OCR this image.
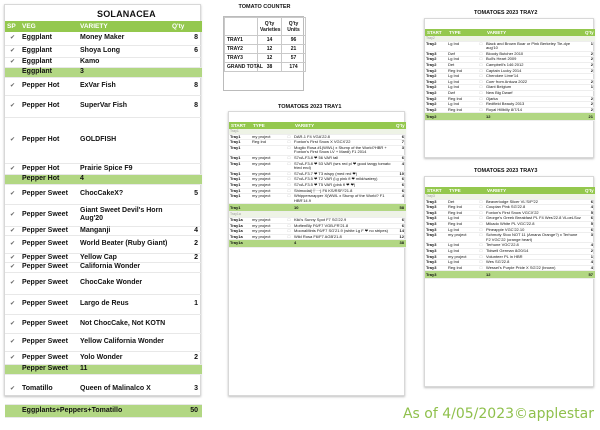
SOLANACEA
SP	VEG	VARIETY	Q'ty
✔	Eggplant	Money Maker	8
✔	Eggplant	Shoya Long	6
✔	Eggplant	Kamo	
	Eggplant	3	
✔	Pepper Hot	ExVar Fish	8
✔	Pepper Hot	SuperVar Fish	8
✔	Pepper Hot	GOLDFISH	
✔	Pepper Hot	Prairie Spice F9	
	Pepper Hot	4	
✔	Pepper Sweet	ChocCakeX?	5
✔	Pepper Sweet	Giant Sweet Devil's Horn Aug'20	
✔	Pepper Sweet	Manganji	4
✔	Pepper Sweet	World Beater (Ruby Giant)	2
✔	Pepper Sweet	Yellow Cap	2
✔	Pepper Sweet	California Wonder	
✔	Pepper Sweet	ChocCake Wonder	
✔	Pepper Sweet	Largo de Reus	1
✔	Pepper Sweet	Not ChocCake, Not KOTN	
✔	Pepper Sweet	Yellow California Wonder	
✔	Pepper Sweet	Yolo Wonder	2
	Pepper Sweet	11	
✔	Tomatillo	Queen of Malinalco X	3
	Eggplants+Peppers+Tomatillo		50
TOMATO COUNTER
	Q'ty Varieties	Q'ty Units
TRAY1	14	96
TRAY2	12	21
TRAY3	12	57
GRAND TOTAL	38	174
TOMATOES 2023 TRAY1
START	TYPE		VARIETY	Q'ty
Tray1				
Tray1	my project	□	DAR-1 F4 VGA'22.8	6
Tray1	Reg Ind	□	Foxton's First Snow X VGCX'22	7
Tray1		□	Mogilo Rosa #1(WWL) x Stump of the World?HBR + Foxton's First Snow LV + Mardi) F1 2014	3
Tray1	my project	□	S7xA-F3.8 ❤ 56 VAR tall	6
Tray1	my project	□	S7xA-F3.8 ❤ 53 VAR (wrs red pl ❤ good tangy tomato fried end)	4
Tray1	my project	□	S7xA-F3.7 ❤ T3 wispy (med red ❤)	10
Tray1	my project	□	S7xA-F3.5 ❤ T2 VAR (l.g pink fl ❤ mild/watery)	6
Tray1	my project	□	S7xA-F3.5 ❤ T5 VAR (pink fl ❤ ❤)	6
Tray1	my project	□	Shimodai(十一) F6 KS/RSF/'21.8	6
Tray1	my project	□	Whippersnapper X(WWL x Stump of the World? F1 HBR'14.9	4
Tray1			10	58
Tray1a				
Tray1a	my project	□	Kiki's Sunny Spot F7 SG'22.9	6
Tray1a	my project	□	MoftenBly F6/F7 VGB-FR'21.8	6
Tray1a	my project	□	MoonaMints F6/F7 SG'21.9 (white Lg F ❤ no stripes)	14
Tray1a	my project	□	Wild Rosa F6/F7 AGB'21.8	12
Tray1a			4	38
TOMATOES 2023 TRAY2
START	TYPE		VARIETY	Q'ty
Tray2				
Tray2	Lg Ind	□	Black and Brown Boar or Pink Berkeley Tie-dye aug'10	1
Tray3	Dwf	□	Bloody Butcher 2010	2
Tray2	Lg Ind	□	Bull's Heart 2009	2
Tray2	Det	□	Campbell's 146 2012	2
Tray2	Reg Ind	□	Captain Lucky 2014	2
Tray2	Lg Ind	□	Cherokee Lime'14	
Tray2	Lg Ind	□	Coer from Antuza 2022	2
Tray2	Lg Ind	□	Giant Belgium	1
Tray2	Dwf	□	New Big Dwarf	
Tray2	Reg Ind	□	Ojarka	2
Tray2	Lg Ind	□	Redfield Beauty 2013	2
Tray2	Reg Ind	□	Royal Hillbilly 8/7/14	2
Tray2			12	21
TOMATOES 2023 TRAY3
START	TYPE		VARIETY	Q'ty
Tray3				
Tray3	Det	□	Beaverlodge Slicer VL'S/P'22	6
Tray3	Reg Ind	□	Coupian Pink SG'22.8	4
Tray3	Reg Ind	□	Foxton's First Snow VGCX'22	5
Tray3	Lg Ind	□	George's Greek Breakfast PL F4 Wes'22.8 VLoeLSoz	6
Tray3	Reg Ind	□	Mikado White PL VGC'22.8	5
Tray3	Lg Ind	□	Pineapple VGC'22.10	6
Tray3	my project	□	Schmoty Stoo NOT 11 (Amana Orange?) x Terhune F2 VGC'22 (orange heart)	3
Tray3	Lg Ind	□	Terhune VGC'22.8	4
Tray3	Lg Ind	□	Tidwell German 8/20/14	2
Tray3	my project	□	Volunteer PL in HBR	1
Tray3	Lg Ind	□	Wes SG'22.8	4
Tray3	Reg Ind	□	Wessel's Purple Pride X SG'22 (brown)	4
Tray3			12	57
As of 4/05/2023©applestar
